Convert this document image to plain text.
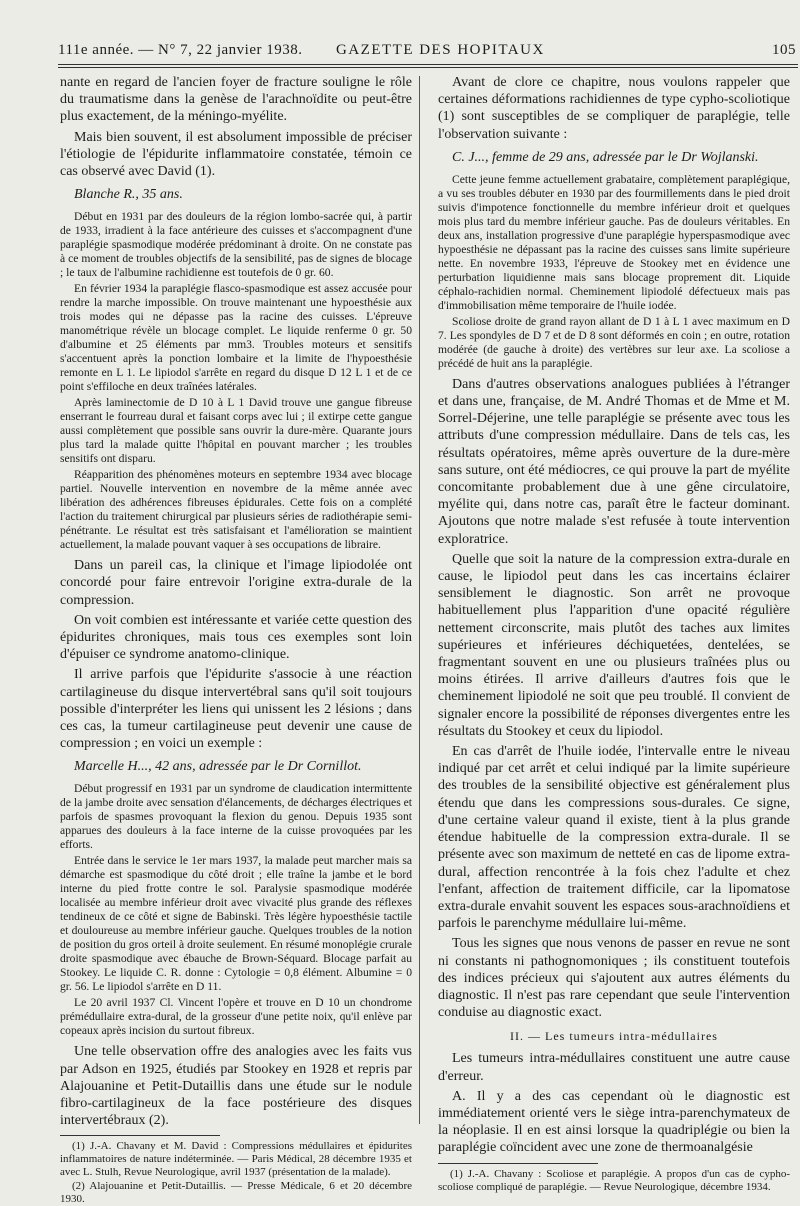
111e année. — N° 7, 22 janvier 1938. GAZETTE DES HOPITAUX	105

nante en regard de l'ancien foyer de fracture souligne le rôle du traumatisme dans la genèse de l'arachnoïdite ou peut-être plus exactement, de la méningo-myélite.

Mais bien souvent, il est absolument impossible de préciser l'étiologie de l'épidurite inflammatoire constatée, témoin ce cas observé avec David (1).

Blanche R., 35 ans.

Début en 1931 par des douleurs de la région lombo-sacrée qui, à partir de 1933, irradient à la face antérieure des cuisses et s'accompagnent d'une paraplégie spasmodique modérée prédominant à droite. On ne constate pas à ce moment de troubles objectifs de la sensibilité, pas de signes de blocage ; le taux de l'albumine rachidienne est toutefois de 0 gr. 60.

En février 1934 la paraplégie flasco-spasmodique est assez accusée pour rendre la marche impossible. On trouve maintenant une hypoesthésie aux trois modes qui ne dépasse pas la racine des cuisses. L'épreuve manométrique révèle un blocage complet. Le liquide renferme 0 gr. 50 d'albumine et 25 éléments par mm3. Troubles moteurs et sensitifs s'accentuent après la ponction lombaire et la limite de l'hypoesthésie remonte en L 1. Le lipiodol s'arrête en regard du disque D 12 L 1 et de ce point s'effiloche en deux traînées latérales.

Après laminectomie de D 10 à L 1 David trouve une gangue fibreuse enserrant le fourreau dural et faisant corps avec lui ; il extirpe cette gangue aussi complètement que possible sans ouvrir la dure-mère. Quarante jours plus tard la malade quitte l'hôpital en pouvant marcher ; les troubles sensitifs ont disparu.

Réapparition des phénomènes moteurs en septembre 1934 avec blocage partiel. Nouvelle intervention en novembre de la même année avec libération des adhérences fibreuses épidurales. Cette fois on a complété l'action du traitement chirurgical par plusieurs séries de radiothérapie semi-pénétrante. Le résultat est très satisfaisant et l'amélioration se maintient actuellement, la malade pouvant vaquer à ses occupations de libraire.

Dans un pareil cas, la clinique et l'image lipiodolée ont concordé pour faire entrevoir l'origine extra-durale de la compression.

On voit combien est intéressante et variée cette question des épidurites chroniques, mais tous ces exemples sont loin d'épuiser ce syndrome anatomo-clinique.

Il arrive parfois que l'épidurite s'associe à une réaction cartilagineuse du disque intervertébral sans qu'il soit toujours possible d'interpréter les liens qui unissent les 2 lésions ; dans ces cas, la tumeur cartilagineuse peut devenir une cause de compression ; en voici un exemple :

Marcelle H..., 42 ans, adressée par le Dr Cornillot.

Début progressif en 1931 par un syndrome de claudication intermittente de la jambe droite avec sensation d'élancements, de décharges électriques et parfois de spasmes provoquant la flexion du genou. Depuis 1935 sont apparues des douleurs à la face interne de la cuisse provoquées par les efforts.

Entrée dans le service le 1er mars 1937, la malade peut marcher mais sa démarche est spasmodique du côté droit ; elle traîne la jambe et le bord interne du pied frotte contre le sol. Paralysie spasmodique modérée localisée au membre inférieur droit avec vivacité plus grande des réflexes tendineux de ce côté et signe de Babinski. Très légère hypoesthésie tactile et douloureuse au membre inférieur gauche. Quelques troubles de la notion de position du gros orteil à droite seulement. En résumé monoplégie crurale droite spasmodique avec ébauche de Brown-Séquard. Blocage parfait au Stookey. Le liquide C. R. donne : Cytologie = 0,8 élément. Albumine = 0 gr. 56. Le lipiodol s'arrête en D 11.

Le 20 avril 1937 Cl. Vincent l'opère et trouve en D 10 un chondrome prémédullaire extra-dural, de la grosseur d'une petite noix, qu'il enlève par copeaux après incision du surtout fibreux.

Une telle observation offre des analogies avec les faits vus par Adson en 1925, étudiés par Stookey en 1928 et repris par Alajouanine et Petit-Dutaillis dans une étude sur le nodule fibro-cartilagineux de la face postérieure des disques intervertébraux (2).

(1) J.-A. Chavany et M. David : Compressions médullaires et épidurites inflammatoires de nature indéterminée. — Paris Médical, 28 décembre 1935 et avec L. Stulh, Revue Neurologique, avril 1937 (présentation de la malade).

(2) Alajouanine et Petit-Dutaillis. — Presse Médicale, 6 et 20 décembre 1930.

Avant de clore ce chapitre, nous voulons rappeler que certaines déformations rachidiennes de type cypho-scoliotique (1) sont susceptibles de se compliquer de paraplégie, telle l'observation suivante :

C. J..., femme de 29 ans, adressée par le Dr Wojlanski.

Cette jeune femme actuellement grabataire, complètement paraplégique, a vu ses troubles débuter en 1930 par des fourmillements dans le pied droit suivis d'impotence fonctionnelle du membre inférieur droit et quelques mois plus tard du membre inférieur gauche. Pas de douleurs véritables. En deux ans, installation progressive d'une paraplégie hyperspasmodique avec hypoesthésie ne dépassant pas la racine des cuisses sans limite supérieure nette. En novembre 1933, l'épreuve de Stookey met en évidence une perturbation liquidienne mais sans blocage proprement dit. Liquide céphalo-rachidien normal. Cheminement lipiodolé défectueux mais pas d'immobilisation même temporaire de l'huile iodée.

Scoliose droite de grand rayon allant de D 1 à L 1 avec maximum en D 7. Les spondyles de D 7 et de D 8 sont déformés en coin ; en outre, rotation modérée (de gauche à droite) des vertèbres sur leur axe. La scoliose a précédé de huit ans la paraplégie.

Dans d'autres observations analogues publiées à l'étranger et dans une, française, de M. André Thomas et de Mme et M. Sorrel-Déjerine, une telle paraplégie se présente avec tous les attributs d'une compression médullaire. Dans de tels cas, les résultats opératoires, même après ouverture de la dure-mère sans suture, ont été médiocres, ce qui prouve la part de myélite concomitante probablement due à une gêne circulatoire, myélite qui, dans notre cas, paraît être le facteur dominant. Ajoutons que notre malade s'est refusée à toute intervention exploratrice.

Quelle que soit la nature de la compression extra-durale en cause, le lipiodol peut dans les cas incertains éclairer sensiblement le diagnostic. Son arrêt ne provoque habituellement plus l'apparition d'une opacité régulière nettement circonscrite, mais plutôt des taches aux limites supérieures et inférieures déchiquetées, dentelées, se fragmentant souvent en une ou plusieurs traînées plus ou moins étirées. Il arrive d'ailleurs d'autres fois que le cheminement lipiodolé ne soit que peu troublé. Il convient de signaler encore la possibilité de réponses divergentes entre les résultats du Stookey et ceux du lipiodol.

En cas d'arrêt de l'huile iodée, l'intervalle entre le niveau indiqué par cet arrêt et celui indiqué par la limite supérieure des troubles de la sensibilité objective est généralement plus étendu que dans les compressions sous-durales. Ce signe, d'une certaine valeur quand il existe, tient à la plus grande étendue habituelle de la compression extra-durale. Il se présente avec son maximum de netteté en cas de lipome extra-dural, affection rencontrée à la fois chez l'adulte et chez l'enfant, affection de traitement difficile, car la lipomatose extra-durale envahit souvent les espaces sous-arachnoïdiens et parfois le parenchyme médullaire lui-même.

Tous les signes que nous venons de passer en revue ne sont ni constants ni pathognomoniques ; ils constituent toutefois des indices précieux qui s'ajoutent aux autres éléments du diagnostic. Il n'est pas rare cependant que seule l'intervention conduise au diagnostic exact.

II. — Les tumeurs intra-médullaires

Les tumeurs intra-médullaires constituent une autre cause d'erreur.

A. Il y a des cas cependant où le diagnostic est immédiatement orienté vers le siège intra-parenchymateux de la néoplasie. Il en est ainsi lorsque la quadriplégie ou bien la paraplégie coïncident avec une zone de thermoanalgésie

(1) J.-A. Chavany : Scoliose et paraplégie. A propos d'un cas de cypho-scoliose compliqué de paraplégie. — Revue Neurologique, décembre 1934.
